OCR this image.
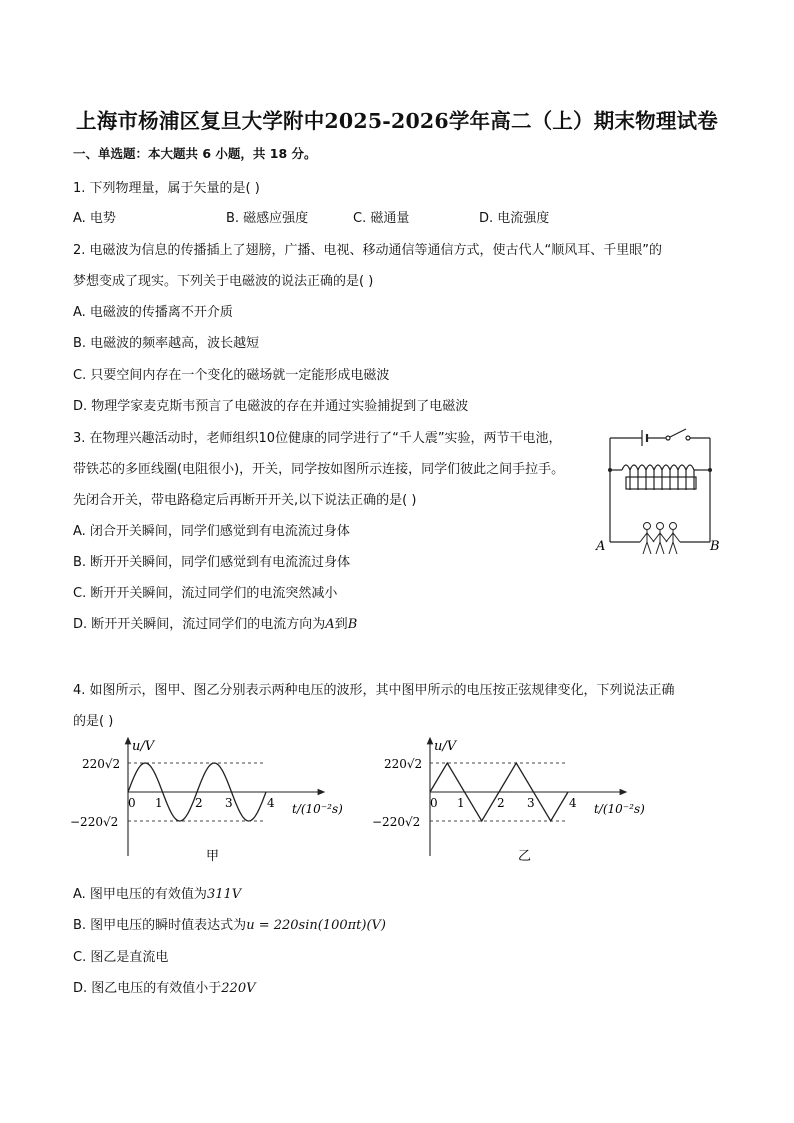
上海市杨浦区复旦大学附中2025-2026学年高二（上）期末物理试卷
一、单选题：本大题共 6 小题，共 18 分。
1. 下列物理量，属于矢量的是( )
A. 电势	B. 磁感应强度	C. 磁通量	D. 电流强度
2. 电磁波为信息的传播插上了翅膀，广播、电视、移动通信等通信方式，使古代人“顺风耳、千里眼”的
梦想变成了现实。下列关于电磁波的说法正确的是( )
A. 电磁波的传播离不开介质
B. 电磁波的频率越高，波长越短
C. 只要空间内存在一个变化的磁场就一定能形成电磁波
D. 物理学家麦克斯韦预言了电磁波的存在并通过实验捕捉到了电磁波
3. 在物理兴趣活动时，老师组织10位健康的同学进行了“千人震”实验，两节干电池，
带铁芯的多匝线圈(电阻很小)，开关，同学按如图所示连接，同学们彼此之间手拉手。
先闭合开关，带电路稳定后再断开开关,以下说法正确的是( )
A. 闭合开关瞬间，同学们感觉到有电流流过身体
B. 断开开关瞬间，同学们感觉到有电流流过身体
C. 断开开关瞬间，流过同学们的电流突然减小
D. 断开开关瞬间，流过同学们的电流方向为A到B
A	B
4. 如图所示，图甲、图乙分别表示两种电压的波形，其中图甲所示的电压按正弦规律变化，下列说法正确
的是( )
u/V
220√2
−220√2
0 1	2 3	4 t/(10⁻²s)
甲
u/V
220√2
−220√2
0 1	2 3	4 t/(10⁻²s)
乙
A. 图甲电压的有效值为311V
B. 图甲电压的瞬时值表达式为u = 220sin(100πt)(V)
C. 图乙是直流电
D. 图乙电压的有效值小于220V
